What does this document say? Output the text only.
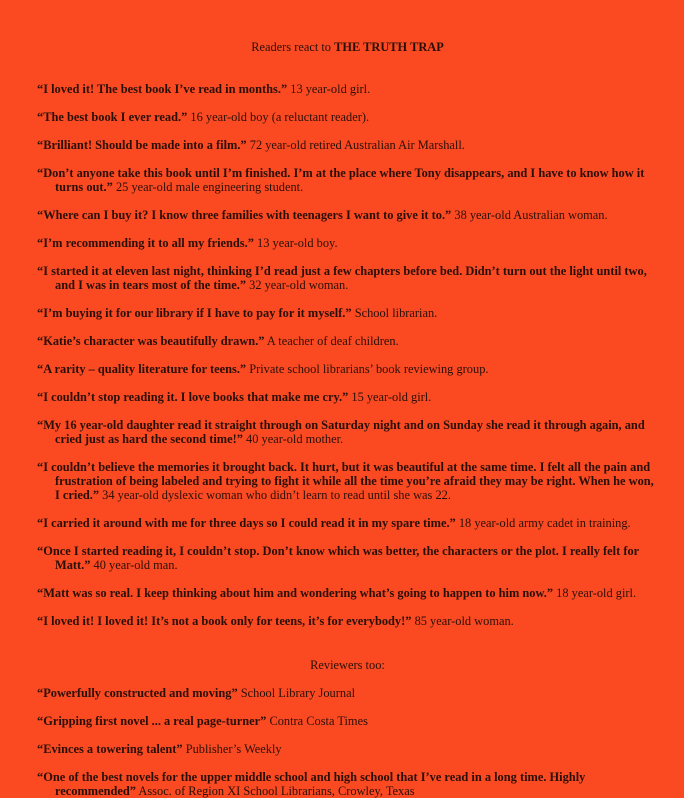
Readers react to THE TRUTH TRAP

“I loved it! The best book I’ve read in months.” 13 year-old girl.

“The best book I ever read.” 16 year-old boy (a reluctant reader).

“Brilliant! Should be made into a film.” 72 year-old retired Australian Air Marshall.

“Don’t anyone take this book until I’m finished. I’m at the place where Tony disappears, and I have to know how it turns out.” 25 year-old male engineering student.

“Where can I buy it? I know three families with teenagers I want to give it to.” 38 year-old Australian woman.

“I’m recommending it to all my friends.” 13 year-old boy.

“I started it at eleven last night, thinking I’d read just a few chapters before bed. Didn’t turn out the light until two, and I was in tears most of the time.” 32 year-old woman.

“I’m buying it for our library if I have to pay for it myself.” School librarian.

“Katie’s character was beautifully drawn.” A teacher of deaf children.

“A rarity – quality literature for teens.” Private school librarians’ book reviewing group.

“I couldn’t stop reading it. I love books that make me cry.” 15 year-old girl.

“My 16 year-old daughter read it straight through on Saturday night and on Sunday she read it through again, and cried just as hard the second time!” 40 year-old mother.

“I couldn’t believe the memories it brought back. It hurt, but it was beautiful at the same time. I felt all the pain and frustration of being labeled and trying to fight it while all the time you’re afraid they may be right. When he won, I cried.” 34 year-old dyslexic woman who didn’t learn to read until she was 22.

“I carried it around with me for three days so I could read it in my spare time.” 18 year-old army cadet in training.

“Once I started reading it, I couldn’t stop. Don’t know which was better, the characters or the plot. I really felt for Matt.” 40 year-old man.

“Matt was so real. I keep thinking about him and wondering what’s going to happen to him now.” 18 year-old girl.

“I loved it! I loved it! It’s not a book only for teens, it’s for everybody!” 85 year-old woman.

Reviewers too:

“Powerfully constructed and moving” School Library Journal

“Gripping first novel ... a real page-turner” Contra Costa Times

“Evinces a towering talent” Publisher’s Weekly

“One of the best novels for the upper middle school and high school that I’ve read in a long time. Highly recommended” Assoc. of Region XI School Librarians, Crowley, Texas
